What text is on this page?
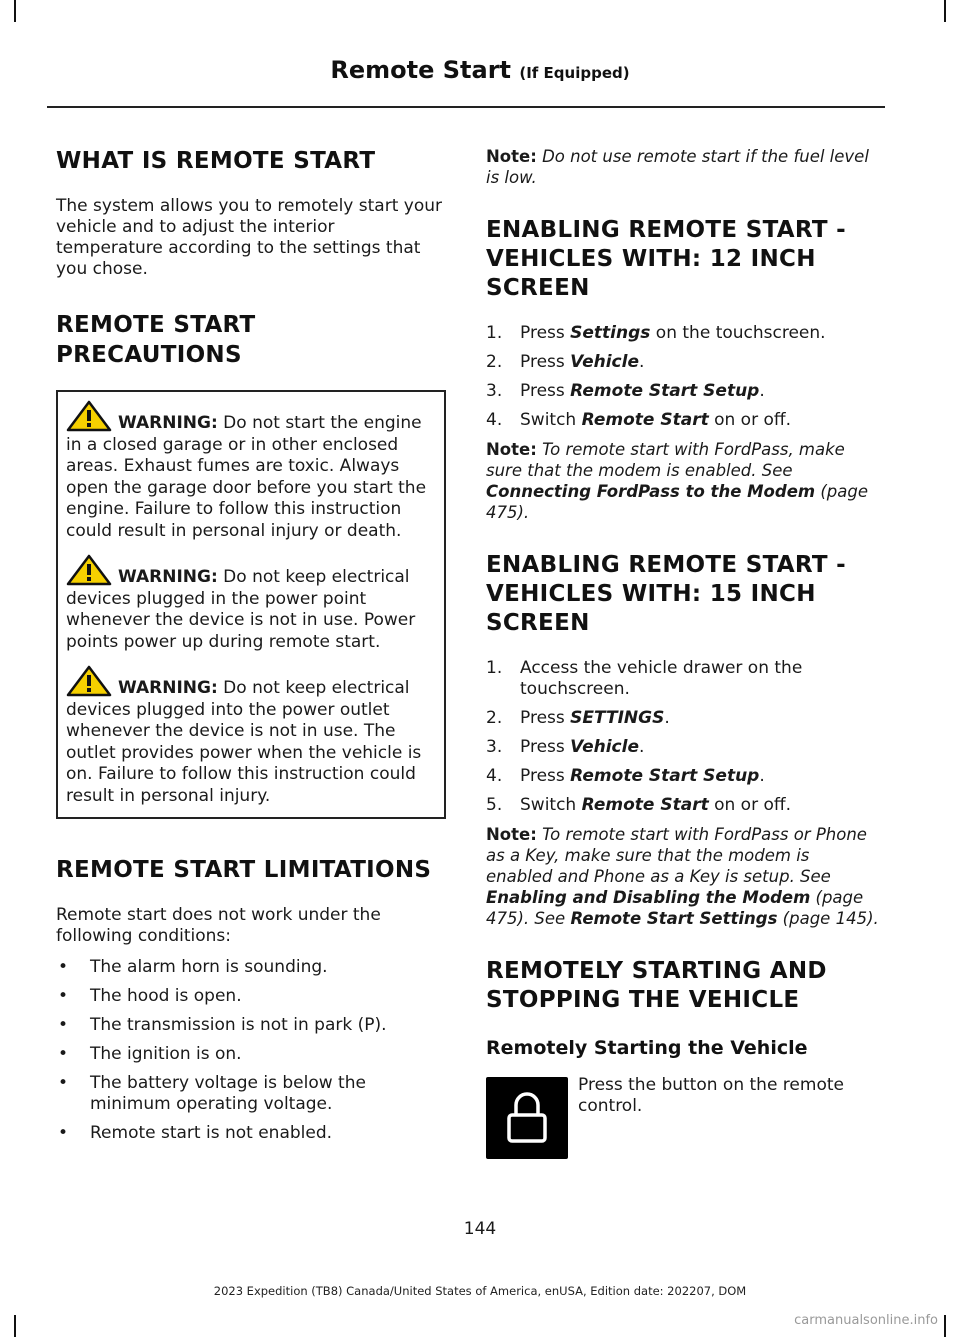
Remote Start (If Equipped)
WHAT IS REMOTE START

The system allows you to remotely start your vehicle and to adjust the interior temperature according to the settings that you chose.

REMOTE START
PRECAUTIONS
WARNING: Do not start the engine in a closed garage or in other enclosed areas. Exhaust fumes are toxic. Always open the garage door before you start the engine. Failure to follow this instruction could result in personal injury or death.
WARNING: Do not keep electrical devices plugged in the power point whenever the device is not in use. Power points power up during remote start.
WARNING: Do not keep electrical devices plugged into the power outlet whenever the device is not in use. The outlet provides power when the vehicle is on. Failure to follow this instruction could result in personal injury.
REMOTE START LIMITATIONS

Remote start does not work under the following conditions:

• The alarm horn is sounding.
• The hood is open.
• The transmission is not in park (P).
• The ignition is on.
• The battery voltage is below the minimum operating voltage.
• Remote start is not enabled.

Note: Do not use remote start if the fuel level is low.

ENABLING REMOTE START -
VEHICLES WITH: 12 INCH
SCREEN
1. Press Settings on the touchscreen.
2. Press Vehicle.
3. Press Remote Start Setup.
4. Switch Remote Start on or off.

Note: To remote start with FordPass, make sure that the modem is enabled. See Connecting FordPass to the Modem (page 475).

ENABLING REMOTE START -
VEHICLES WITH: 15 INCH
SCREEN
1. Access the vehicle drawer on the touchscreen.
2. Press SETTINGS.
3. Press Vehicle.
4. Press Remote Start Setup.
5. Switch Remote Start on or off.

Note: To remote start with FordPass or Phone as a Key, make sure that the modem is enabled and Phone as a Key is setup. See Enabling and Disabling the Modem (page 475). See Remote Start Settings (page 145).

REMOTELY STARTING AND
STOPPING THE VEHICLE
Remotely Starting the Vehicle
Press the button on the remote control.
144
2023 Expedition (TB8) Canada/United States of America, enUSA, Edition date: 202207, DOM
carmanualsonline.info
